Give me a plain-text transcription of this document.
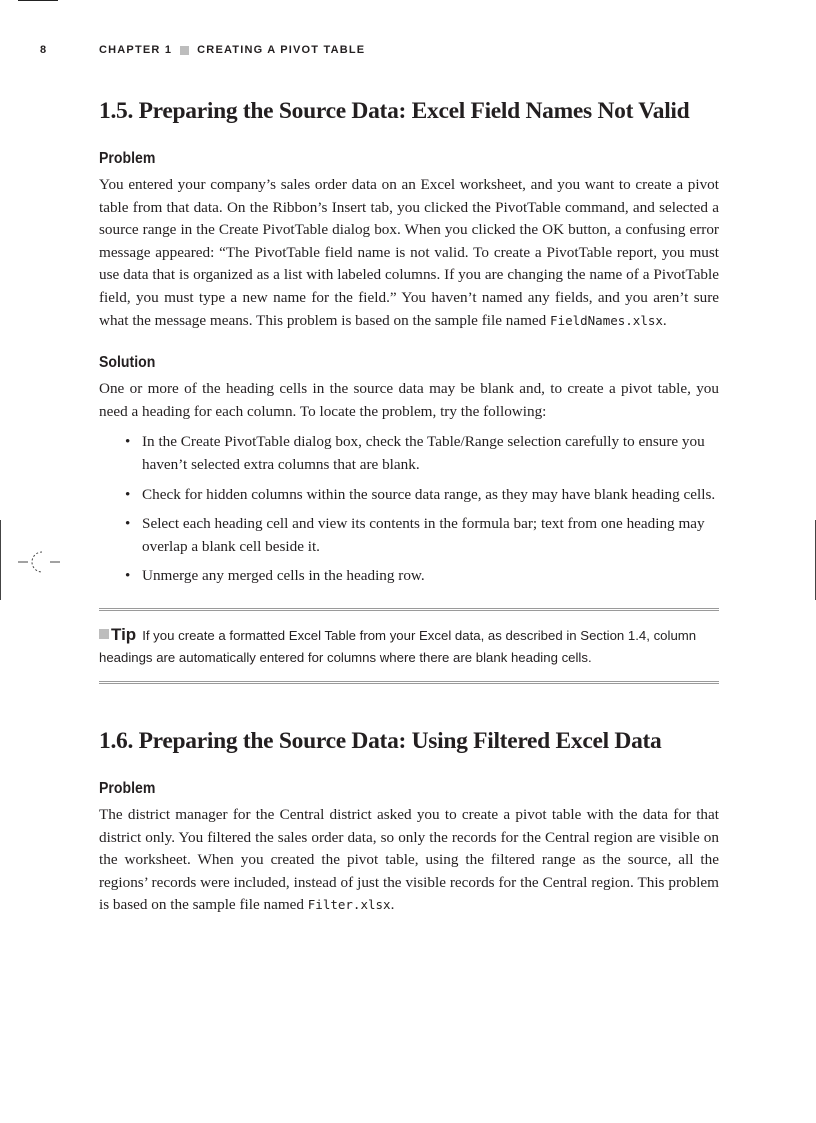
8	CHAPTER 1 CREATING A PIVOT TABLE
1.5. Preparing the Source Data: Excel Field Names Not Valid
Problem

You entered your company’s sales order data on an Excel worksheet, and you want to create a pivot table from that data. On the Ribbon’s Insert tab, you clicked the PivotTable command, and selected a source range in the Create PivotTable dialog box. When you clicked the OK button, a confusing error message appeared: “The PivotTable field name is not valid. To create a PivotTable report, you must use data that is organized as a list with labeled columns. If you are changing the name of a PivotTable field, you must type a new name for the field.” You haven’t named any fields, and you aren’t sure what the message means. This problem is based on the sample file named FieldNames.xlsx.

Solution

One or more of the heading cells in the source data may be blank and, to create a pivot table, you need a heading for each column. To locate the problem, try the following:

• In the Create PivotTable dialog box, check the Table/Range selection carefully to ensure you haven’t selected extra columns that are blank.
• Check for hidden columns within the source data range, as they may have blank heading cells.
• Select each heading cell and view its contents in the formula bar; text from one heading may overlap a blank cell beside it.
• Unmerge any merged cells in the heading row.
Tip If you create a formatted Excel Table from your Excel data, as described in Section 1.4, column headings are automatically entered for columns where there are blank heading cells.
1.6. Preparing the Source Data: Using Filtered Excel Data
Problem

The district manager for the Central district asked you to create a pivot table with the data for that district only. You filtered the sales order data, so only the records for the Central region are visible on the worksheet. When you created the pivot table, using the filtered range as the source, all the regions’ records were included, instead of just the visible records for the Central region. This problem is based on the sample file named Filter.xlsx.
